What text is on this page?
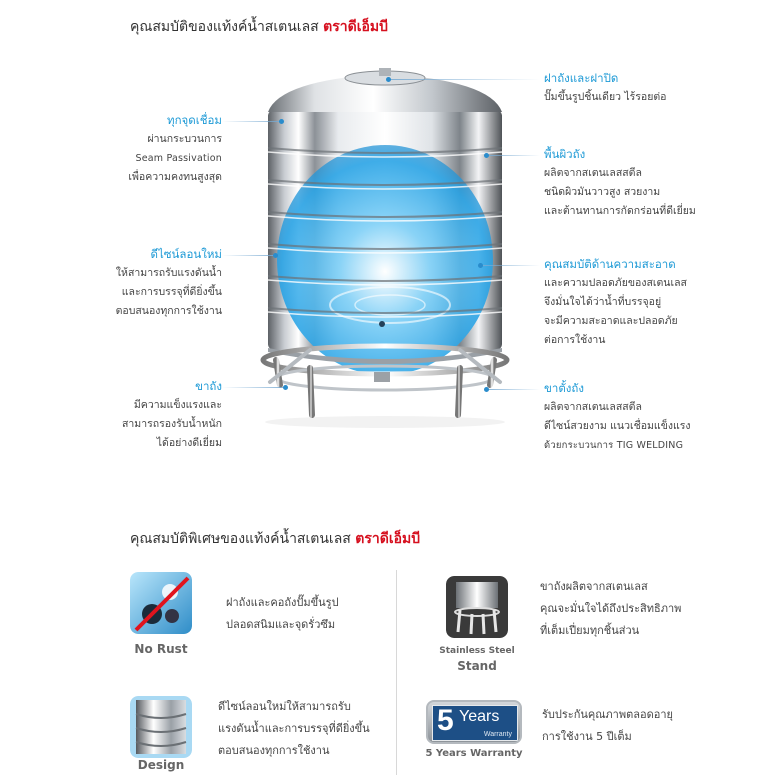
คุณสมบัติของแท้งค์น้ำสเตนเลส ตราดีเอ็มบี
ทุกจุดเชื่อม
ผ่านกระบวนการ
Seam Passivation
เพื่อความคงทนสูงสุด
ดีไซน์ลอนใหม่
ให้สามารถรับแรงดันน้ำ
และการบรรจุที่ดียิ่งขึ้น
ตอบสนองทุกการใช้งาน
ขาถัง
มีความแข็งแรงและ
สามารถรองรับน้ำหนัก
ได้อย่างดีเยี่ยม
ฝาถังและฝาปิด
ปั๊มขึ้นรูปชิ้นเดียว ไร้รอยต่อ
พื้นผิวถัง
ผลิตจากสเตนเลสสตีล
ชนิดผิวมันวาวสูง สวยงาม
และต้านทานการกัดกร่อนที่ดีเยี่ยม
คุณสมบัติด้านความสะอาด
และความปลอดภัยของสเตนเลส
จึงมั่นใจได้ว่าน้ำที่บรรจุอยู่
จะมีความสะอาดและปลอดภัย
ต่อการใช้งาน
ขาตั้งถัง
ผลิตจากสเตนเลสสตีล
ดีไซน์สวยงาม แนวเชื่อมแข็งแรง
ด้วยกระบวนการ TIG WELDING
คุณสมบัติพิเศษของแท้งค์น้ำสเตนเลส ตราดีเอ็มบี
No Rust
ฝาถังและคอถังปั๊มขึ้นรูป
ปลอดสนิมและจุดรั่วซึม
Stainless Steel
Stand
ขาถังผลิตจากสเตนเลส
คุณจะมั่นใจได้ถึงประสิทธิภาพ
ที่เต็มเปี่ยมทุกชิ้นส่วน
Design
ดีไซน์ลอนใหม่ให้สามารถรับ
แรงดันน้ำและการบรรจุที่ดียิ่งขึ้น
ตอบสนองทุกการใช้งาน
5 Years
Warranty
5 Years Warranty
รับประกันคุณภาพตลอดอายุ
การใช้งาน 5 ปีเต็ม
